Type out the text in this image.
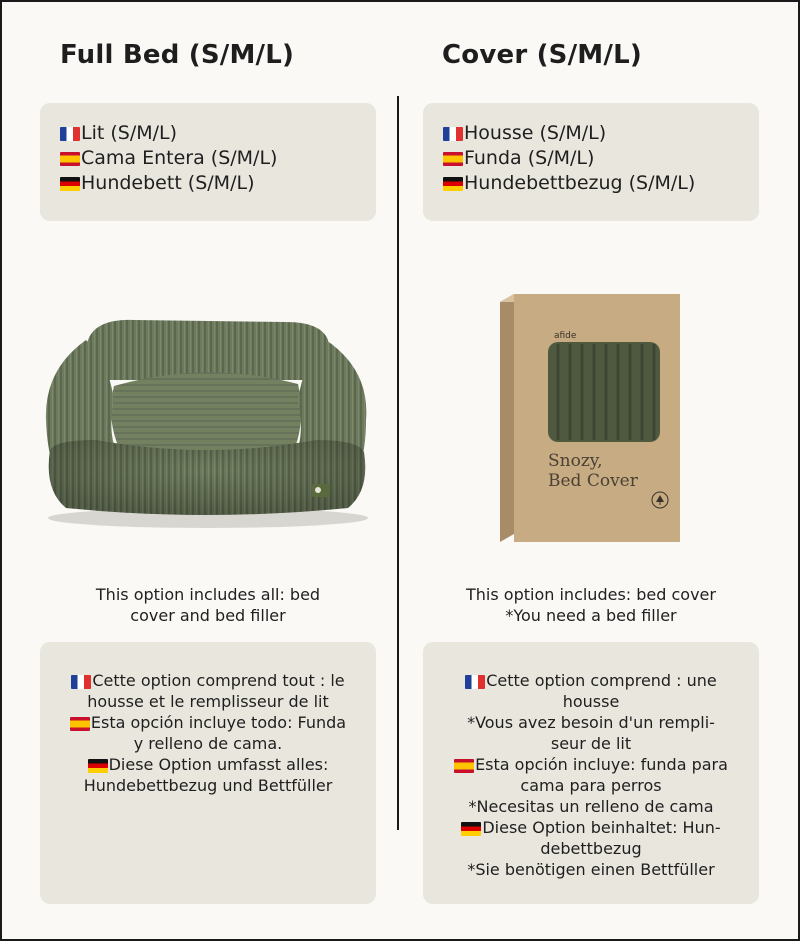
Full Bed (S/M/L)	Cover (S/M/L)
Lit (S/M/L)
Cama Entera (S/M/L)
Hundebett (S/M/L)
Housse (S/M/L)
Funda (S/M/L)
Hundebettbezug (S/M/L)
afide
Snozy,
Bed Cover
This option includes all: bed
cover and bed filler
This option includes: bed cover
*You need a bed filler

Cette option comprend tout : le

housse et le remplisseur de lit

Esta opción incluye todo: Funda

y relleno de cama.

Diese Option umfasst alles:

Hundebettbezug und Bettfüller

Cette option comprend : une

housse

*Vous avez besoin d'un rempli-

seur de lit

Esta opción incluye: funda para

cama para perros

*Necesitas un relleno de cama

Diese Option beinhaltet: Hun-

debettbezug

*Sie benötigen einen Bettfüller
